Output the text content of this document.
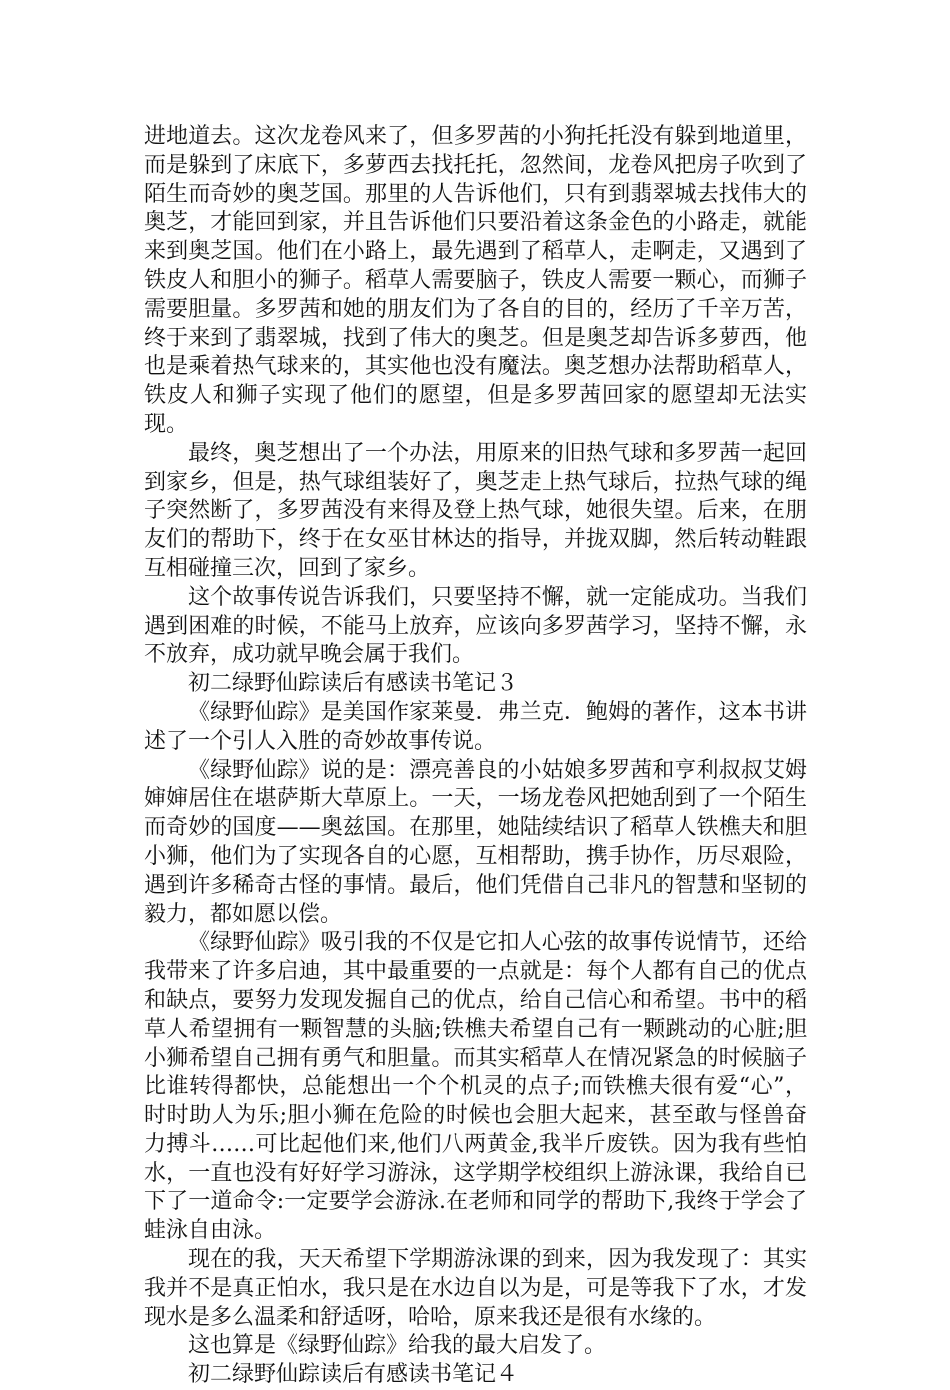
进地道去。这次龙卷风来了，但多罗茜的小狗托托没有躲到地道里，而是躲到了床底下，多萝西去找托托，忽然间，龙卷风把房子吹到了陌生而奇妙的奥芝国。那里的人告诉他们，只有到翡翠城去找伟大的奥芝，才能回到家，并且告诉他们只要沿着这条金色的小路走，就能来到奥芝国。他们在小路上，最先遇到了稻草人，走啊走，又遇到了铁皮人和胆小的狮子。稻草人需要脑子，铁皮人需要一颗心，而狮子需要胆量。多罗茜和她的朋友们为了各自的目的，经历了千辛万苦，终于来到了翡翠城，找到了伟大的奥芝。但是奥芝却告诉多萝西，他也是乘着热气球来的，其实他也没有魔法。奥芝想办法帮助稻草人，铁皮人和狮子实现了他们的愿望，但是多罗茜回家的愿望却无法实现。

最终，奥芝想出了一个办法，用原来的旧热气球和多罗茜一起回到家乡，但是，热气球组装好了，奥芝走上热气球后，拉热气球的绳子突然断了，多罗茜没有来得及登上热气球，她很失望。后来，在朋友们的帮助下，终于在女巫甘林达的指导，并拢双脚，然后转动鞋跟互相碰撞三次，回到了家乡。

这个故事传说告诉我们，只要坚持不懈，就一定能成功。当我们遇到困难的时候，不能马上放弃，应该向多罗茜学习，坚持不懈，永不放弃，成功就早晚会属于我们。

初二绿野仙踪读后有感读书笔记３

《绿野仙踪》是美国作家莱曼．弗兰克．鲍姆的著作，这本书讲述了一个引人入胜的奇妙故事传说。

《绿野仙踪》说的是：漂亮善良的小姑娘多罗茜和亨利叔叔艾姆婶婶居住在堪萨斯大草原上。一天，一场龙卷风把她刮到了一个陌生而奇妙的国度——奥兹国。在那里，她陆续结识了稻草人铁樵夫和胆小狮，他们为了实现各自的心愿，互相帮助，携手协作，历尽艰险，遇到许多稀奇古怪的事情。最后，他们凭借自己非凡的智慧和坚韧的毅力，都如愿以偿。

《绿野仙踪》吸引我的不仅是它扣人心弦的故事传说情节，还给我带来了许多启迪，其中最重要的一点就是：每个人都有自己的优点和缺点，要努力发现发掘自己的优点，给自己信心和希望。书中的稻草人希望拥有一颗智慧的头脑;铁樵夫希望自己有一颗跳动的心脏;胆小狮希望自己拥有勇气和胆量。而其实稻草人在情况紧急的时候脑子比谁转得都快，总能想出一个个机灵的点子;而铁樵夫很有爱“心”，时时助人为乐;胆小狮在危险的时候也会胆大起来，甚至敢与怪兽奋力搏斗……可比起他们来,他们八两黄金,我半斤废铁。因为我有些怕水，一直也没有好好学习游泳，这学期学校组织上游泳课，我给自已下了一道命令:一定要学会游泳.在老师和同学的帮助下,我终于学会了蛙泳自由泳。

现在的我，天天希望下学期游泳课的到来，因为我发现了：其实我并不是真正怕水，我只是在水边自以为是，可是等我下了水，才发现水是多么温柔和舒适呀，哈哈，原来我还是很有水缘的。

这也算是《绿野仙踪》给我的最大启发了。

初二绿野仙踪读后有感读书笔记４
